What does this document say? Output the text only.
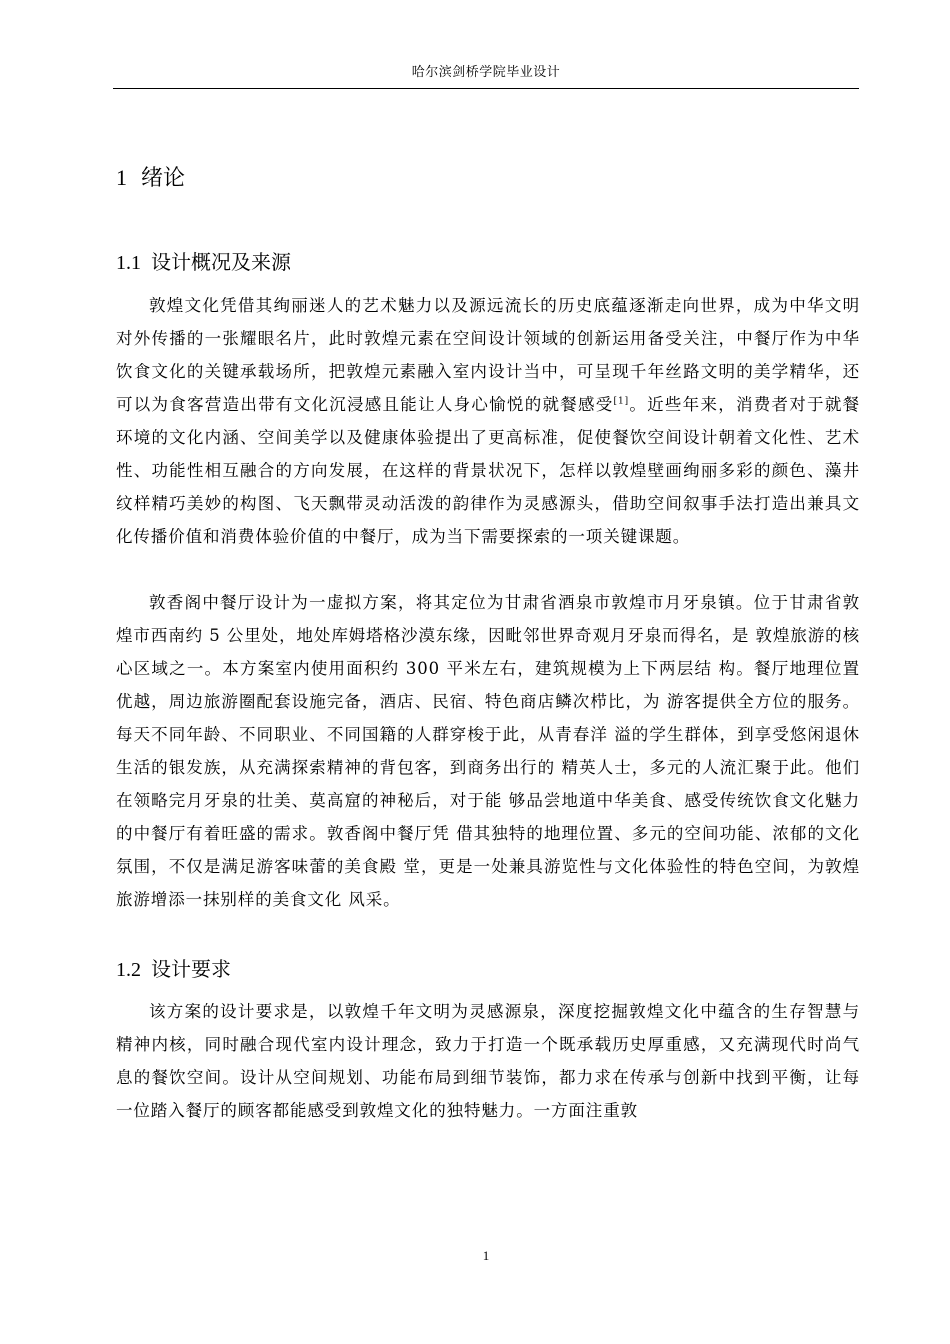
哈尔滨剑桥学院毕业设计
1 绪论
1.1 设计概况及来源

敦煌文化凭借其绚丽迷人的艺术魅力以及源远流长的历史底蕴逐渐走向世界，成为中华文明对外传播的一张耀眼名片，此时敦煌元素在空间设计领域的创新运用备受关注，中餐厅作为中华饮食文化的关键承载场所，把敦煌元素融入室内设计当中，可呈现千年丝路文明的美学精华，还可以为食客营造出带有文化沉浸感且能让人身心愉悦的就餐感受[1]。近些年来，消费者对于就餐环境的文化内涵、空间美学以及健康体验提出了更高标准，促使餐饮空间设计朝着文化性、艺术性、功能性相互融合的方向发展，在这样的背景状况下，怎样以敦煌壁画绚丽多彩的颜色、藻井纹样精巧美妙的构图、飞天飘带灵动活泼的韵律作为灵感源头，借助空间叙事手法打造出兼具文化传播价值和消费体验价值的中餐厅，成为当下需要探索的一项关键课题。

敦香阁中餐厅设计为一虚拟方案，将其定位为甘肃省酒泉市敦煌市月牙泉镇。位于甘肃省敦煌市西南约 5 公里处，地处库姆塔格沙漠东缘，因毗邻世界奇观月牙泉而得名，是 敦煌旅游的核心区域之一。本方案室内使用面积约 300 平米左右，建筑规模为上下两层结 构。餐厅地理位置优越，周边旅游圈配套设施完备，酒店、民宿、特色商店鳞次栉比，为 游客提供全方位的服务。每天不同年龄、不同职业、不同国籍的人群穿梭于此，从青春洋 溢的学生群体，到享受悠闲退休生活的银发族，从充满探索精神的背包客，到商务出行的 精英人士，多元的人流汇聚于此。他们在领略完月牙泉的壮美、莫高窟的神秘后，对于能 够品尝地道中华美食、感受传统饮食文化魅力的中餐厅有着旺盛的需求。敦香阁中餐厅凭 借其独特的地理位置、多元的空间功能、浓郁的文化氛围，不仅是满足游客味蕾的美食殿 堂，更是一处兼具游览性与文化体验性的特色空间，为敦煌旅游增添一抹别样的美食文化 风采。

1.2 设计要求

该方案的设计要求是，以敦煌千年文明为灵感源泉，深度挖掘敦煌文化中蕴含的生存智慧与精神内核，同时融合现代室内设计理念，致力于打造一个既承载历史厚重感，又充满现代时尚气息的餐饮空间。设计从空间规划、功能布局到细节装饰，都力求在传承与创新中找到平衡，让每一位踏入餐厅的顾客都能感受到敦煌文化的独特魅力。一方面注重敦

1
